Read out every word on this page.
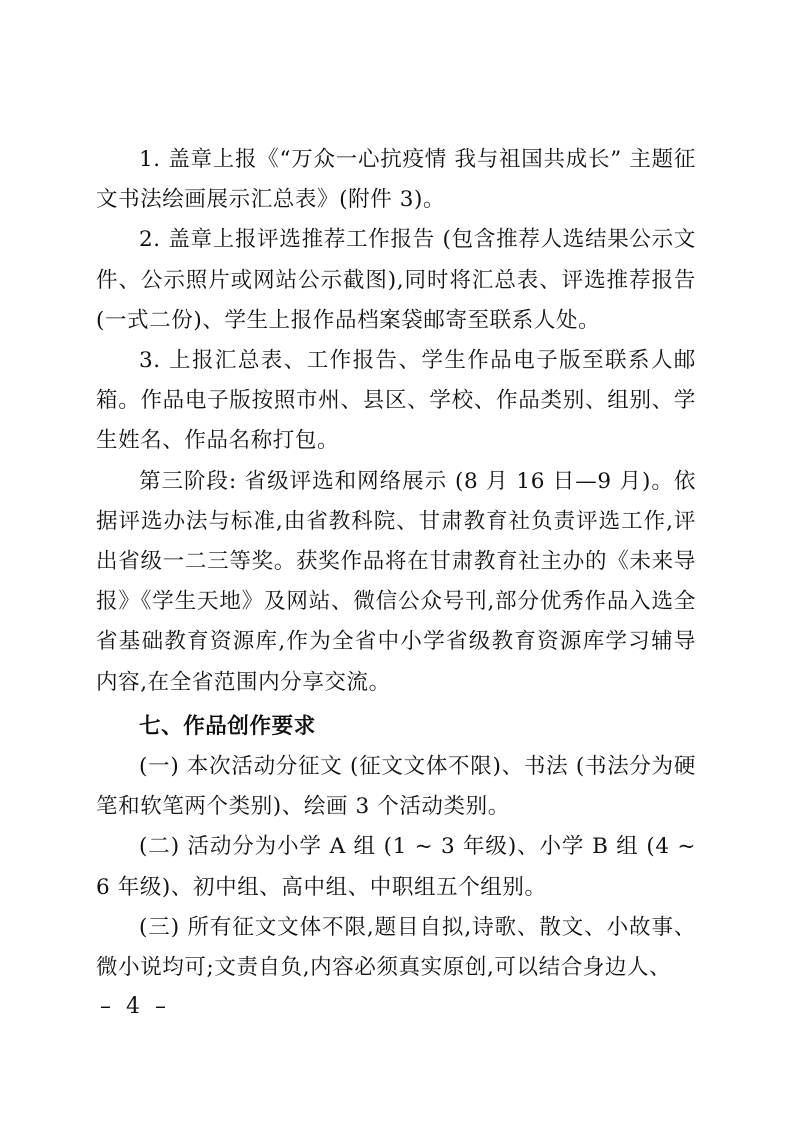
1. 盖章上报《“万众一心抗疫情 我与祖国共成长” 主题征文书法绘画展示汇总表》(附件 3)。

2. 盖章上报评选推荐工作报告 (包含推荐人选结果公示文件、公示照片或网站公示截图),同时将汇总表、评选推荐报告(一式二份)、学生上报作品档案袋邮寄至联系人处。

3. 上报汇总表、工作报告、学生作品电子版至联系人邮箱。作品电子版按照市州、县区、学校、作品类别、组别、学生姓名、作品名称打包。

第三阶段: 省级评选和网络展示 (8 月 16 日—9 月)。依据评选办法与标准,由省教科院、甘肃教育社负责评选工作,评出省级一二三等奖。获奖作品将在甘肃教育社主办的《未来导报》《学生天地》及网站、微信公众号刊,部分优秀作品入选全省基础教育资源库,作为全省中小学省级教育资源库学习辅导内容,在全省范围内分享交流。

七、作品创作要求

(一) 本次活动分征文 (征文文体不限)、书法 (书法分为硬笔和软笔两个类别)、绘画 3 个活动类别。

(二) 活动分为小学 A 组 (1 ~ 3 年级)、小学 B 组 (4 ~ 6 年级)、初中组、高中组、中职组五个组别。

(三) 所有征文文体不限,题目自拟,诗歌、散文、小故事、微小说均可;文责自负,内容必须真实原创,可以结合身边人、

– 4 –
